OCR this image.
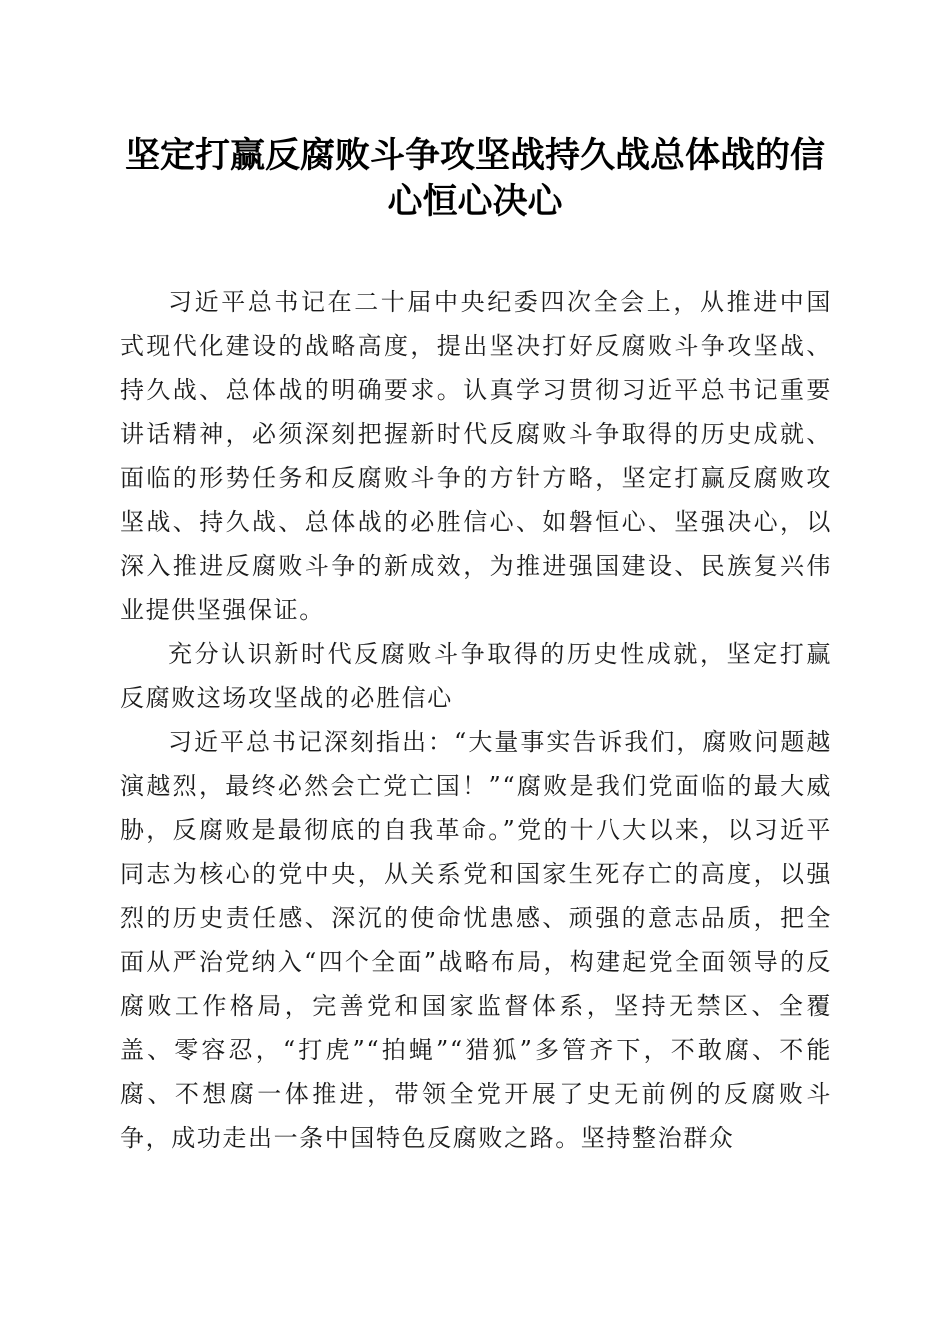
坚定打赢反腐败斗争攻坚战持久战总体战的信心恒心决心

习近平总书记在二十届中央纪委四次全会上，从推进中国式现代化建设的战略高度，提出坚决打好反腐败斗争攻坚战、持久战、总体战的明确要求。认真学习贯彻习近平总书记重要讲话精神，必须深刻把握新时代反腐败斗争取得的历史成就、面临的形势任务和反腐败斗争的方针方略，坚定打赢反腐败攻坚战、持久战、总体战的必胜信心、如磐恒心、坚强决心，以深入推进反腐败斗争的新成效，为推进强国建设、民族复兴伟业提供坚强保证。

充分认识新时代反腐败斗争取得的历史性成就，坚定打赢反腐败这场攻坚战的必胜信心

习近平总书记深刻指出：“大量事实告诉我们，腐败问题越演越烈，最终必然会亡党亡国！”“腐败是我们党面临的最大威胁，反腐败是最彻底的自我革命。”党的十八大以来，以习近平同志为核心的党中央，从关系党和国家生死存亡的高度，以强烈的历史责任感、深沉的使命忧患感、顽强的意志品质，把全面从严治党纳入“四个全面”战略布局，构建起党全面领导的反腐败工作格局，完善党和国家监督体系，坚持无禁区、全覆盖、零容忍，“打虎”“拍蝇”“猎狐”多管齐下，不敢腐、不能腐、不想腐一体推进，带领全党开展了史无前例的反腐败斗争，成功走出一条中国特色反腐败之路。坚持整治群众
